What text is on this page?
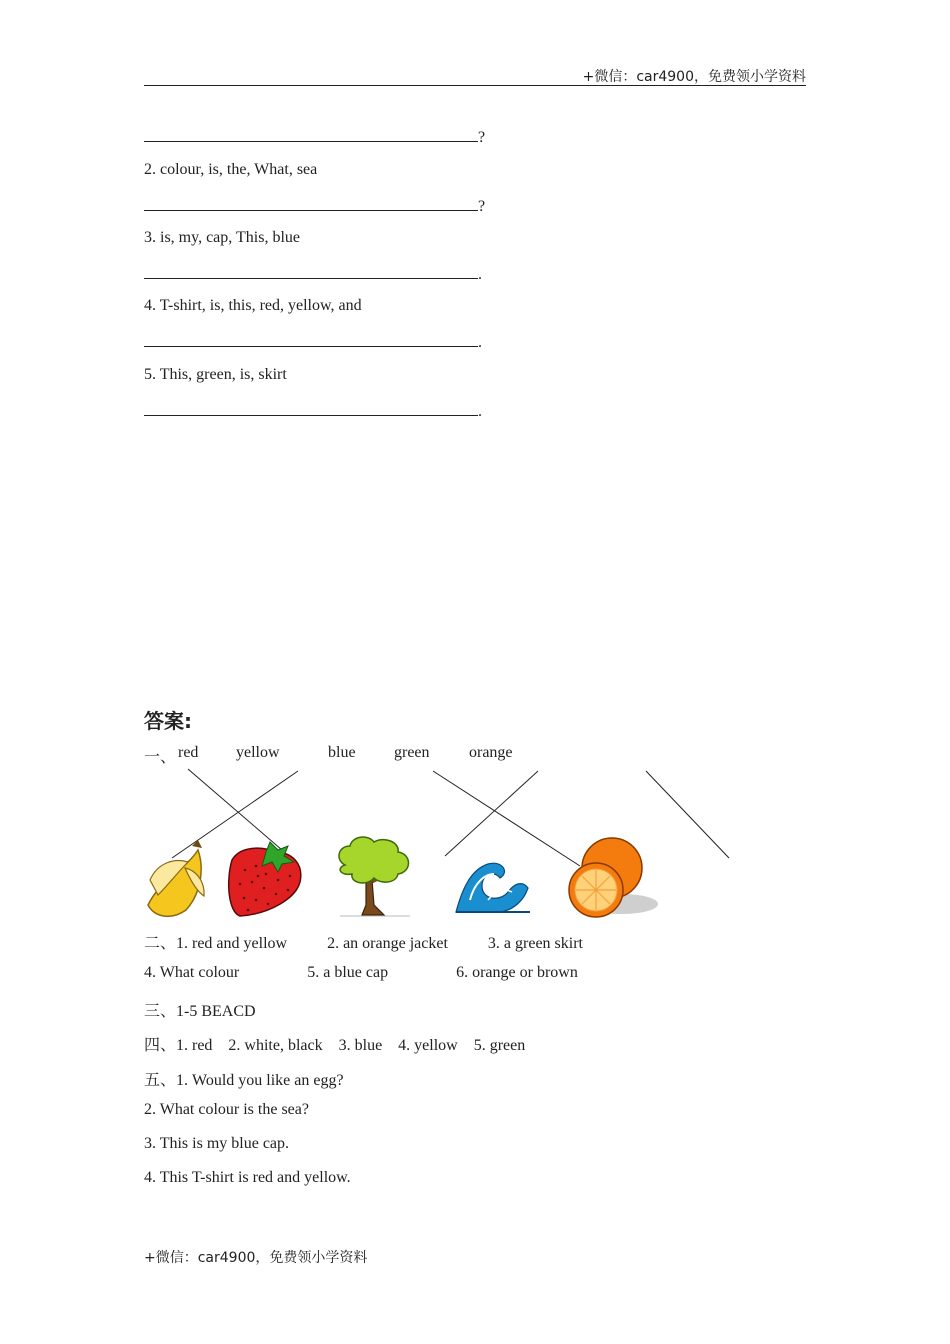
+微信：car4900，免费领小学资料
?
2. colour, is, the, What, sea
?
3. is, my, cap, This, blue
.
4. T-shirt, is, this, red, yellow, and
.
5. This, green, is, skirt
.
答案:
一、 red yellow	blue green orange
二、1. red and yellow          2. an orange jacket          3. a green skirt
4. What colour                 5. a blue cap                 6. orange or brown
三、1-5 BEACD
四、1. red    2. white, black    3. blue    4. yellow    5. green
五、1. Would you like an egg?
2. What colour is the sea?
3. This is my blue cap.
4. This T-shirt is red and yellow.
+微信：car4900，免费领小学资料
